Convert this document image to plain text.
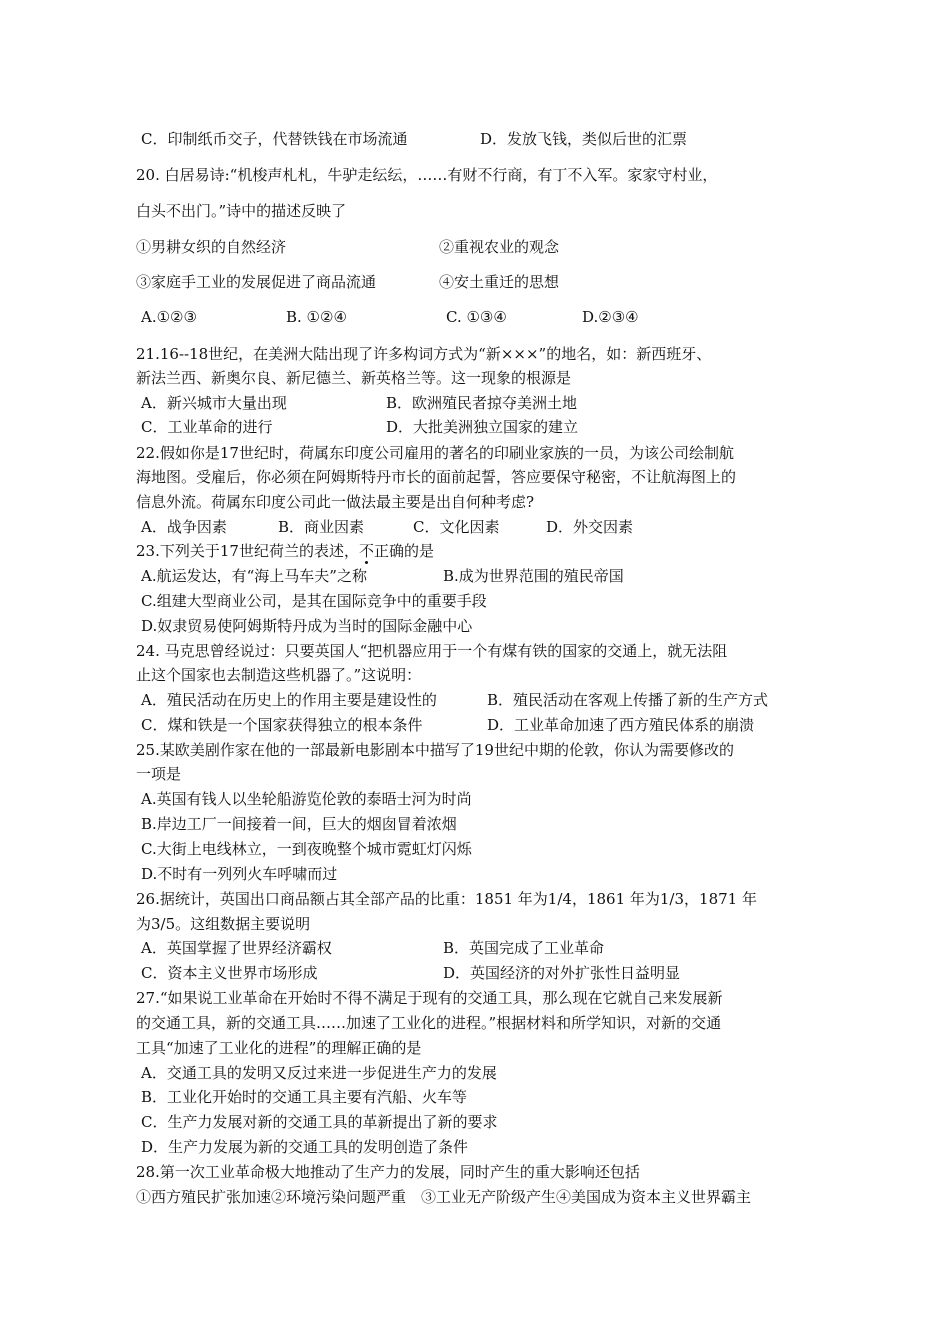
C．印制纸币交子，代替铁钱在市场流通	D．发放飞钱，类似后世的汇票
20. 白居易诗:“机梭声札札，牛驴走纭纭，……有财不行商，有丁不入军。家家守村业，
白头不出门。”诗中的描述反映了
①男耕女织的自然经济	②重视农业的观念
③家庭手工业的发展促进了商品流通	④安土重迁的思想
A.①②③	B. ①②④	C. ①③④	D.②③④
21.16--18世纪，在美洲大陆出现了许多构词方式为“新×××”的地名，如：新西班牙、
新法兰西、新奥尔良、新尼德兰、新英格兰等。这一现象的根源是
A．新兴城市大量出现	B．欧洲殖民者掠夺美洲土地
C．工业革命的进行	D．大批美洲独立国家的建立
22.假如你是17世纪时，荷属东印度公司雇用的著名的印刷业家族的一员，为该公司绘制航
海地图。受雇后，你必须在阿姆斯特丹市长的面前起誓，答应要保守秘密，不让航海图上的
信息外流。荷属东印度公司此一做法最主要是出自何种考虑?
A．战争因素	B．商业因素	C．文化因素	D．外交因素
23.下列关于17世纪荷兰的表述，不正确的是
A.航运发达，有“海上马车夫”之称	B.成为世界范围的殖民帝国
C.组建大型商业公司，是其在国际竞争中的重要手段
D.奴隶贸易使阿姆斯特丹成为当时的国际金融中心
24. 马克思曾经说过：只要英国人“把机器应用于一个有煤有铁的国家的交通上，就无法阻
止这个国家也去制造这些机器了。”这说明：
A．殖民活动在历史上的作用主要是建设性的	B．殖民活动在客观上传播了新的生产方式
C．煤和铁是一个国家获得独立的根本条件	D．工业革命加速了西方殖民体系的崩溃
25.某欧美剧作家在他的一部最新电影剧本中描写了19世纪中期的伦敦，你认为需要修改的
一项是
A.英国有钱人以坐轮船游览伦敦的泰晤士河为时尚
B.岸边工厂一间接着一间，巨大的烟囱冒着浓烟
C.大街上电线林立，一到夜晚整个城市霓虹灯闪烁
D.不时有一列列火车呼啸而过
26.据统计，英国出口商品额占其全部产品的比重：1851 年为1/4，1861 年为1/3，1871 年
为3/5。这组数据主要说明
A．英国掌握了世界经济霸权	B．英国完成了工业革命
C．资本主义世界市场形成	D．英国经济的对外扩张性日益明显
27.“如果说工业革命在开始时不得不满足于现有的交通工具，那么现在它就自己来发展新
的交通工具，新的交通工具……加速了工业化的进程。”根据材料和所学知识，对新的交通
工具“加速了工业化的进程”的理解正确的是
A．交通工具的发明又反过来进一步促进生产力的发展
B．工业化开始时的交通工具主要有汽船、火车等
C．生产力发展对新的交通工具的革新提出了新的要求
D．生产力发展为新的交通工具的发明创造了条件
28.第一次工业革命极大地推动了生产力的发展，同时产生的重大影响还包括
①西方殖民扩张加速②环境污染问题严重　③工业无产阶级产生④美国成为资本主义世界霸主
